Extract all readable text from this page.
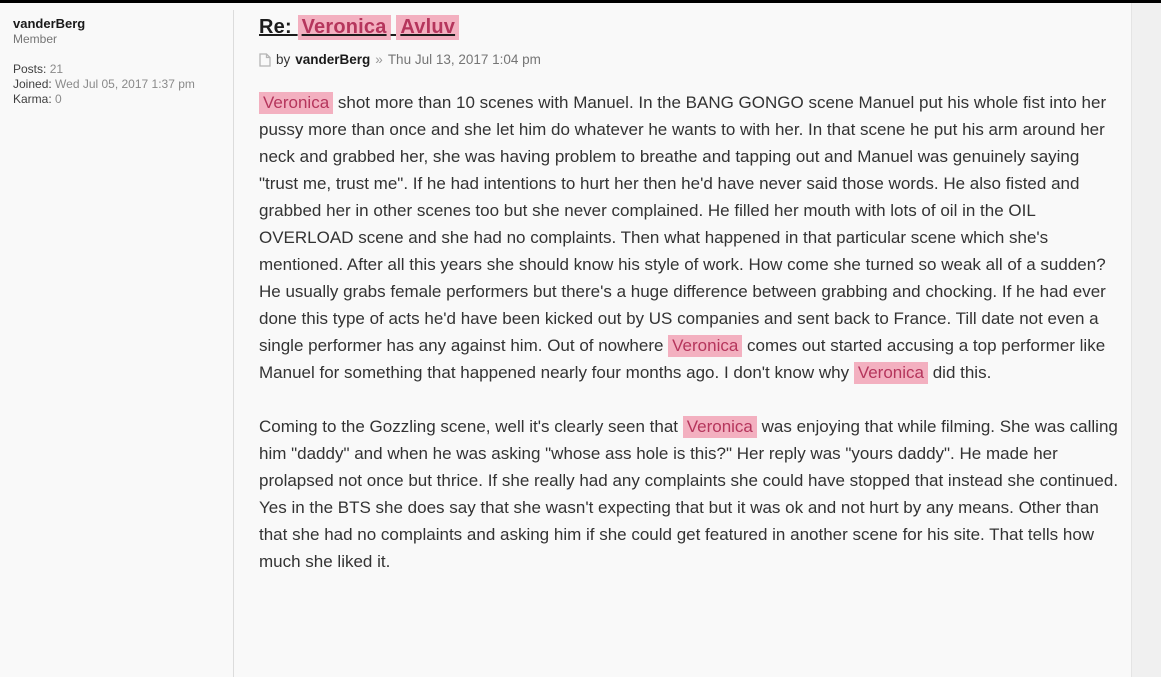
vanderBerg
Member
Posts: 21
Joined: Wed Jul 05, 2017 1:37 pm
Karma: 0
Re: Veronica Avluv
by vanderBerg » Thu Jul 13, 2017 1:04 pm

Veronica shot more than 10 scenes with Manuel. In the BANG GONGO scene Manuel put his whole fist into her pussy more than once and she let him do whatever he wants to with her. In that scene he put his arm around her neck and grabbed her, she was having problem to breathe and tapping out and Manuel was genuinely saying "trust me, trust me". If he had intentions to hurt her then he'd have never said those words. He also fisted and grabbed her in other scenes too but she never complained. He filled her mouth with lots of oil in the OIL OVERLOAD scene and she had no complaints. Then what happened in that particular scene which she's mentioned. After all this years she should know his style of work. How come she turned so weak all of a sudden? He usually grabs female performers but there's a huge difference between grabbing and chocking. If he had ever done this type of acts he'd have been kicked out by US companies and sent back to France. Till date not even a single performer has any against him. Out of nowhere Veronica comes out started accusing a top performer like Manuel for something that happened nearly four months ago. I don't know why Veronica did this.

Coming to the Gozzling scene, well it's clearly seen that Veronica was enjoying that while filming. She was calling him "daddy" and when he was asking "whose ass hole is this?" Her reply was "yours daddy". He made her prolapsed not once but thrice. If she really had any complaints she could have stopped that instead she continued. Yes in the BTS she does say that she wasn't expecting that but it was ok and not hurt by any means. Other than that she had no complaints and asking him if she could get featured in another scene for his site. That tells how much she liked it.
